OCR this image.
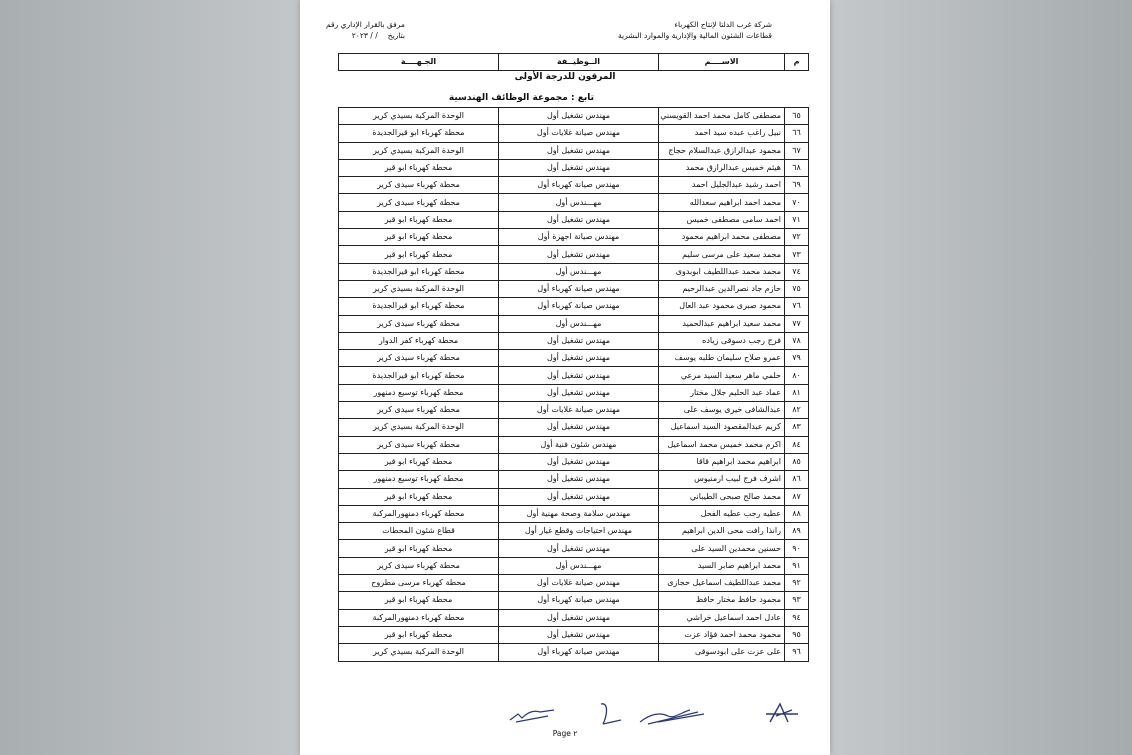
شركة غرب الدلتا لإنتاج الكهرباء
قطاعات الشئون المالية والإدارية والموارد البشرية
مرفق بالقرار الإداري رقم
بتاريخ/ / ٢٠٢٣
م	الاســــم	الــوظيــفة	الجـهــــة
المرقون للدرجة الأولى
تابع : مجموعة الوظائف الهندسية
٦٥	مصطفى كامل محمد احمد القويسني	مهندس تشغيل أول	الوحدة المركبة بسيدي كرير
٦٦	نبيل راغب عبده سيد احمد	مهندس صيانة غلايات أول	محطة كهرباء ابو قيرالجديدة
٦٧	محمود عبدالرازق عبدالسلام حجاج	مهندس تشغيل أول	الوحدة المركبة بسيدي كرير
٦٨	هيثم خميس عبدالرازق محمد	مهندس تشغيل أول	محطة كهرباء ابو قير
٦٩	احمد رشيد عبدالجليل احمد	مهندس صيانة كهرباء أول	محطة كهرباء سيدى كرير
٧٠	محمد احمد ابراهيم سعدالله	مهـــندس أول	محطة كهرباء سيدى كرير
٧١	احمد سامى مصطفى خميس	مهندس تشغيل أول	محطة كهرباء ابو قير
٧٢	مصطفى محمد ابراهيم محمود	مهندس صيانة اجهزة أول	محطة كهرباء ابو قير
٧٣	محمد سعيد على مرسى سليم	مهندس تشغيل أول	محطة كهرباء ابو قير
٧٤	محمد محمد عبداللطيف ابوبدوى	مهـــندس أول	محطة كهرباء ابو قيرالجديدة
٧٥	حازم جاد نصرالدين عبدالرحيم	مهندس صيانة كهرباء أول	الوحدة المركبة بسيدي كرير
٧٦	محمود صبرى محمود عبد العال	مهندس صيانة كهرباء أول	محطة كهرباء ابو قيرالجديدة
٧٧	محمد سعيد ابراهيم عبدالحميد	مهـــندس أول	محطة كهرباء سيدى كرير
٧٨	فرج رجب دسوقى زياده	مهندس تشغيل أول	محطة كهرباء كفر الدوار
٧٩	عمرو صلاح سليمان طلبه يوسف	مهندس تشغيل أول	محطة كهرباء سيدى كرير
٨٠	حلمي ماهر سعيد السيد مرعي	مهندس تشغيل أول	محطة كهرباء ابو قيرالجديدة
٨١	عماد عبد الحليم جلال مختار	مهندس تشغيل أول	محطة كهرباء توسيع دمنهور
٨٢	عبدالشافى خيرى يوسف على	مهندس صيانة غلايات أول	محطة كهرباء سيدى كرير
٨٣	كريم عبدالمقصود السيد اسماعيل	مهندس تشغيل أول	الوحدة المركبة بسيدي كرير
٨٤	اكرم محمد خميس محمد اسماعيل	مهندس شئون فنية أول	محطة كهرباء سيدى كرير
٨٥	ابراهيم محمد ابراهيم قاقا	مهندس تشغيل أول	محطة كهرباء ابو قير
٨٦	اشرف فرج لبيب ارمنيوس	مهندس تشغيل أول	محطة كهرباء توسيع دمنهور
٨٧	محمد صالح صبحى الطيباني	مهندس تشغيل أول	محطة كهرباء ابو قير
٨٨	عطيه رجب عطيه الفحل	مهندس سلامة وصحة مهنية أول	محطة كهرباء دمنهورالمركبة
٨٩	رانذا رافت محى الدين ابراهيم	مهندس احتياجات وقطع غيار أول	قطاع شئون المحطات
٩٠	حسنين محمدين السيد على	مهندس تشغيل أول	محطة كهرباء ابو قير
٩١	محمد ابراهيم صابر السيد	مهـــندس أول	محطة كهرباء سيدى كرير
٩٢	محمد عبداللطيف اسماعيل حجازى	مهندس صيانة غلايات أول	محطة كهرباء مرسى مطروح
٩٣	محمود حافظ مختار حافظ	مهندس صيانة كهرباء أول	محطة كهرباء ابو قير
٩٤	عادل احمد اسماعيل خراشي	مهندس تشغيل أول	محطة كهرباء دمنهورالمركبة
٩٥	محمود محمد احمد فؤاد عزت	مهندس تشغيل أول	محطة كهرباء ابو قير
٩٦	على عزت على ابودسوقى	مهندس صيانة كهرباء أول	الوحدة المركبة بسيدي كرير
Page ٢
